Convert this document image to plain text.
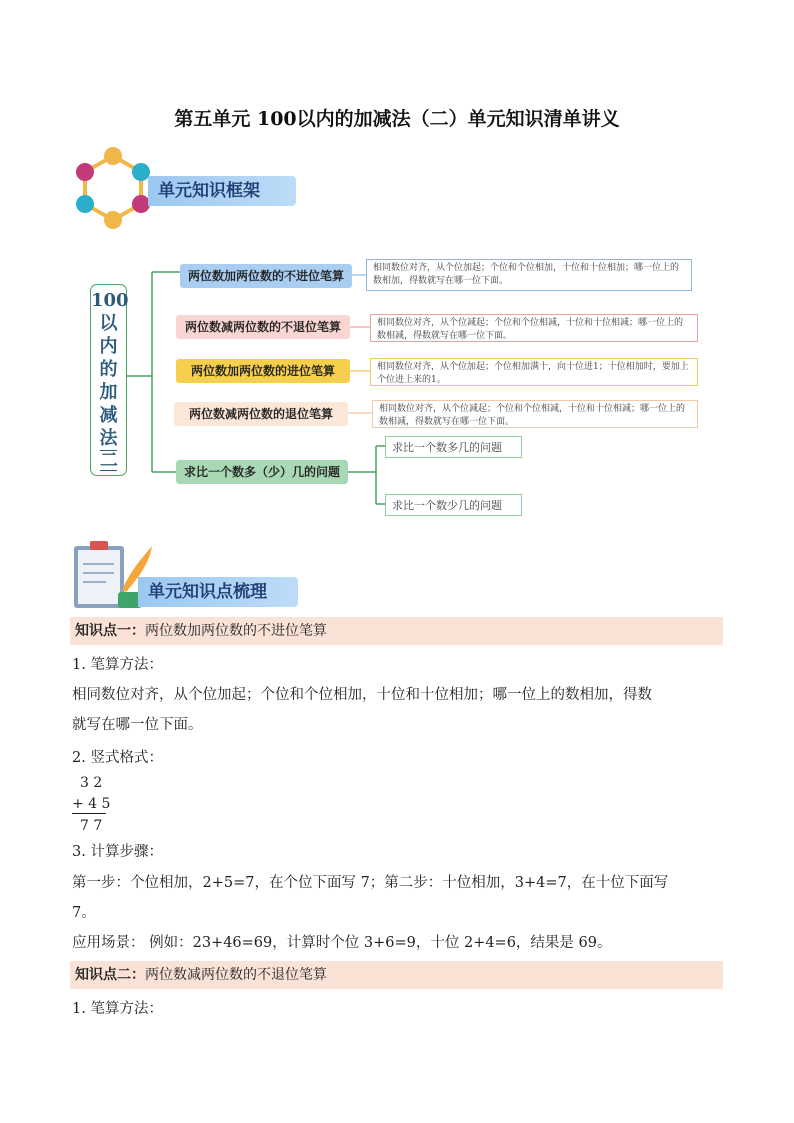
第五单元 100以内的加减法（二）单元知识清单讲义
单元知识框架
100
以
内
的
加
减
法
二
两位数加两位数的不进位笔算
两位数减两位数的不退位笔算
两位数加两位数的进位笔算
两位数减两位数的退位笔算
求比一个数多（少）几的问题
相同数位对齐，从个位加起；个位和个位相加，十位和十位相加；哪一位上的数相加，得数就写在哪一位下面。
相同数位对齐，从个位减起；个位和个位相减，十位和十位相减；哪一位上的数相减，得数就写在哪一位下面。
相同数位对齐，从个位加起；个位相加满十，向十位进1；十位相加时，要加上个位进上来的1。
相同数位对齐，从个位减起；个位和个位相减，十位和十位相减；哪一位上的数相减，得数就写在哪一位下面。
求比一个数多几的问题
求比一个数少几的问题
单元知识点梳理
知识点一：两位数加两位数的不进位笔算
1. 笔算方法：
相同数位对齐，从个位加起；个位和个位相加，十位和十位相加；哪一位上的数相加，得数
就写在哪一位下面。
2. 竖式格式：
3 2
+ 4 5
7 7
3. 计算步骤：
第一步：个位相加，2+5=7，在个位下面写 7；第二步：十位相加，3+4=7，在十位下面写
7。
应用场景： 例如：23+46=69，计算时个位 3+6=9，十位 2+4=6，结果是 69。
知识点二：两位数减两位数的不退位笔算
1. 笔算方法：
